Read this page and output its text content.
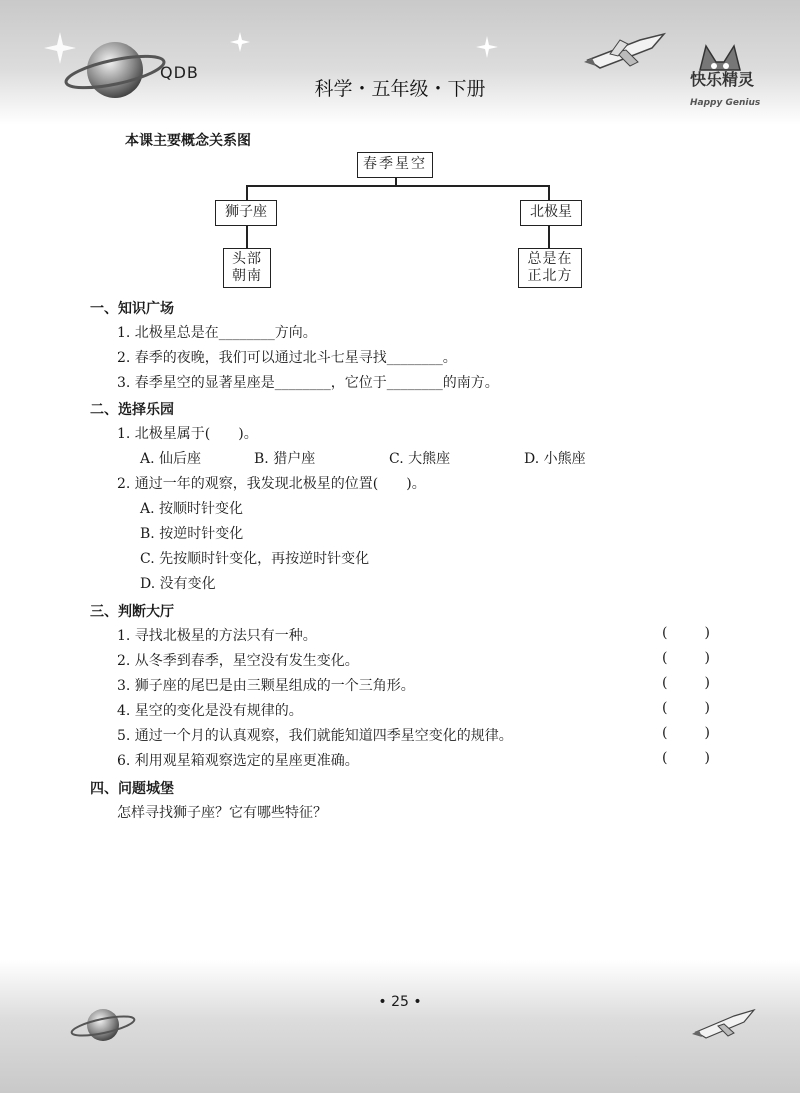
QDB
科学・五年级・下册	快乐精灵
Happy Genius
本课主要概念关系图
春季星空
狮子座	北极星
头部
朝南
总是在
正北方
一、知识广场
1. 北极星总是在________方向。
2. 春季的夜晚，我们可以通过北斗七星寻找________。
3. 春季星空的显著星座是________，它位于________的南方。
二、选择乐园
1. 北极星属于(　　)。
A. 仙后座	B. 猎户座	C. 大熊座	D. 小熊座
2. 通过一年的观察，我发现北极星的位置(　　)。
A. 按顺时针变化
B. 按逆时针变化
C. 先按顺时针变化，再按逆时针变化
D. 没有变化
三、判断大厅
1. 寻找北极星的方法只有一种。	(	)
2. 从冬季到春季，星空没有发生变化。	(	)
3. 狮子座的尾巴是由三颗星组成的一个三角形。	(	)
4. 星空的变化是没有规律的。	(	)
5. 通过一个月的认真观察，我们就能知道四季星空变化的规律。	(	)
6. 利用观星箱观察选定的星座更准确。	(	)
四、问题城堡
怎样寻找狮子座？它有哪些特征？
• 25 •
